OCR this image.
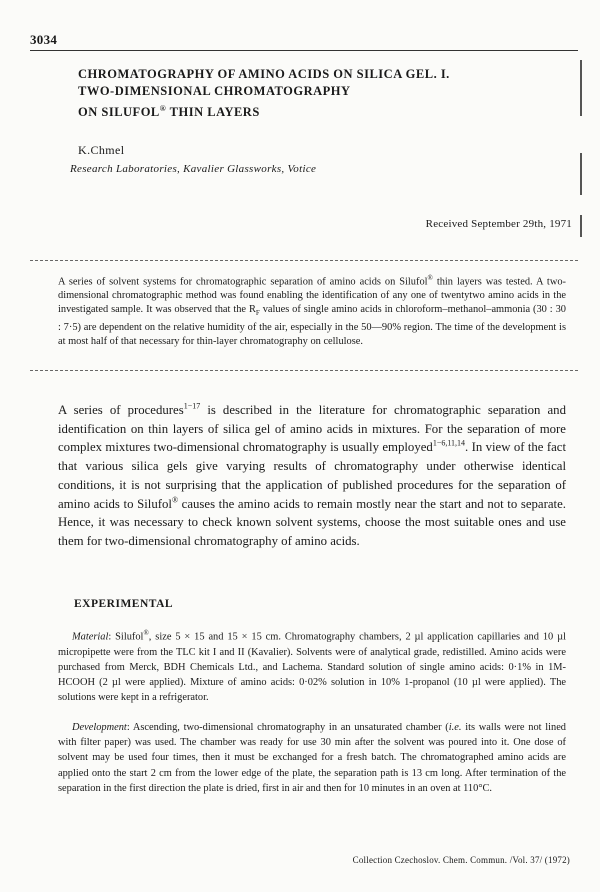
3034
CHROMATOGRAPHY OF AMINO ACIDS ON SILICA GEL. I.
TWO-DIMENSIONAL CHROMATOGRAPHY
ON SILUFOL® THIN LAYERS
K.Chmel
Research Laboratories, Kavalier Glassworks, Votice
Received September 29th, 1971

A series of solvent systems for chromatographic separation of amino acids on Silufol® thin layers was tested. A two-dimensional chromatographic method was found enabling the identification of any one of twentytwo amino acids in the investigated sample. It was observed that the $R_F$ values of single amino acids in chloroform–methanol–ammonia (30 : 30 : 7·5) are dependent on the relative humidity of the air, especially in the 50—90% region. The time of the development is at most half of that necessary for thin-layer chromatography on cellulose.

A series of procedures$^{1-17}$ is described in the literature for chromatographic separation and identification on thin layers of silica gel of amino acids in mixtures. For the separation of more complex mixtures two-dimensional chromatography is usually employed$^{1-6,11,14}$. In view of the fact that various silica gels give varying results of chromatography under otherwise identical conditions, it is not surprising that the application of published procedures for the separation of amino acids to Silufol® causes the amino acids to remain mostly near the start and not to separate. Hence, it was necessary to check known solvent systems, choose the most suitable ones and use them for two-dimensional chromatography of amino acids.

EXPERIMENTAL

Material: Silufol®, size 5 × 15 and 15 × 15 cm. Chromatography chambers, 2 µl application capillaries and 10 µl micropipette were from the TLC kit I and II (Kavalier). Solvents were of analytical grade, redistilled. Amino acids were purchased from Merck, BDH Chemicals Ltd., and Lachema. Standard solution of single amino acids: 0·1% in 1M-HCOOH (2 µl were applied). Mixture of amino acids: 0·02% solution in 10% 1-propanol (10 µl were applied). The solutions were kept in a refrigerator.

Development: Ascending, two-dimensional chromatography in an unsaturated chamber (i.e. its walls were not lined with filter paper) was used. The chamber was ready for use 30 min after the solvent was poured into it. One dose of solvent may be used four times, then it must be exchanged for a fresh batch. The chromatographed amino acids are applied onto the start 2 cm from the lower edge of the plate, the separation path is 13 cm long. After termination of the separation in the first direction the plate is dried, first in air and then for 10 minutes in an oven at 110°C.

Collection Czechoslov. Chem. Commun. /Vol. 37/ (1972)
